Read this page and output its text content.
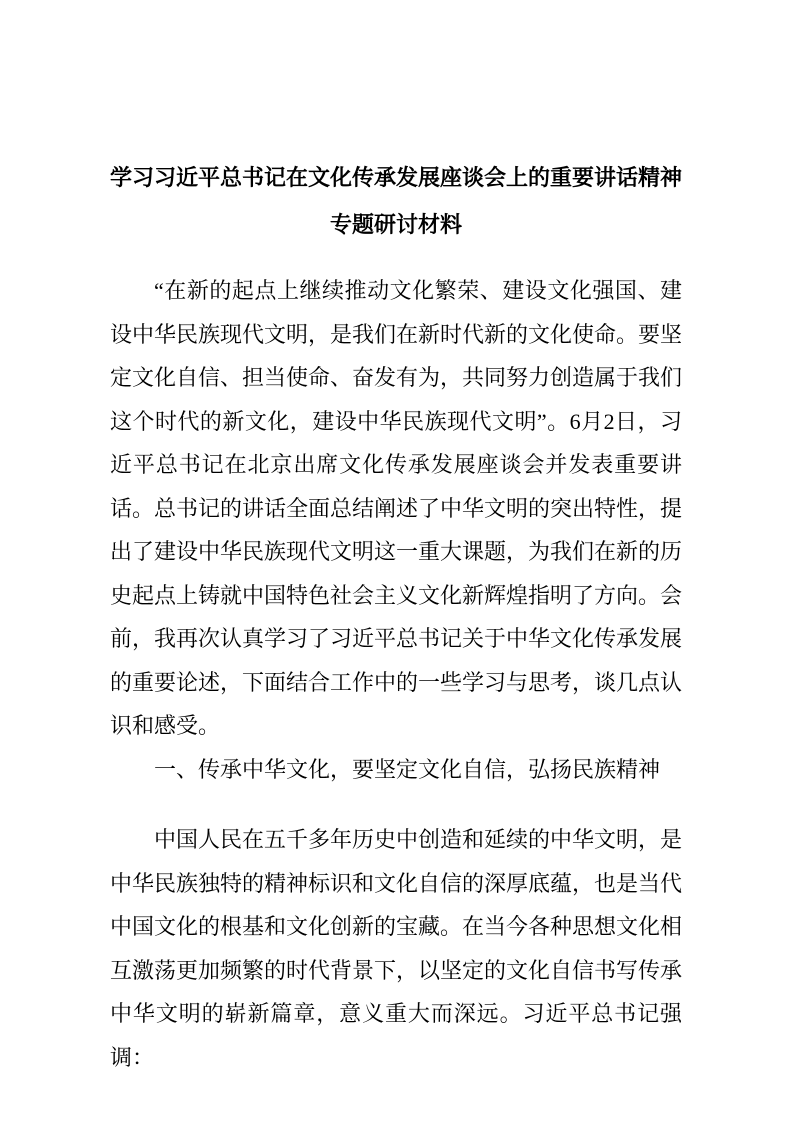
学习习近平总书记在文化传承发展座谈会上的重要讲话精神专题研讨材料

“在新的起点上继续推动文化繁荣、建设文化强国、建设中华民族现代文明，是我们在新时代新的文化使命。要坚定文化自信、担当使命、奋发有为，共同努力创造属于我们这个时代的新文化，建设中华民族现代文明”。6月2日，习近平总书记在北京出席文化传承发展座谈会并发表重要讲话。总书记的讲话全面总结阐述了中华文明的突出特性，提出了建设中华民族现代文明这一重大课题，为我们在新的历史起点上铸就中国特色社会主义文化新辉煌指明了方向。会前，我再次认真学习了习近平总书记关于中华文化传承发展的重要论述，下面结合工作中的一些学习与思考，谈几点认识和感受。

一、传承中华文化，要坚定文化自信，弘扬民族精神

中国人民在五千多年历史中创造和延续的中华文明，是中华民族独特的精神标识和文化自信的深厚底蕴，也是当代中国文化的根基和文化创新的宝藏。在当今各种思想文化相互激荡更加频繁的时代背景下，以坚定的文化自信书写传承中华文明的崭新篇章，意义重大而深远。习近平总书记强调：
